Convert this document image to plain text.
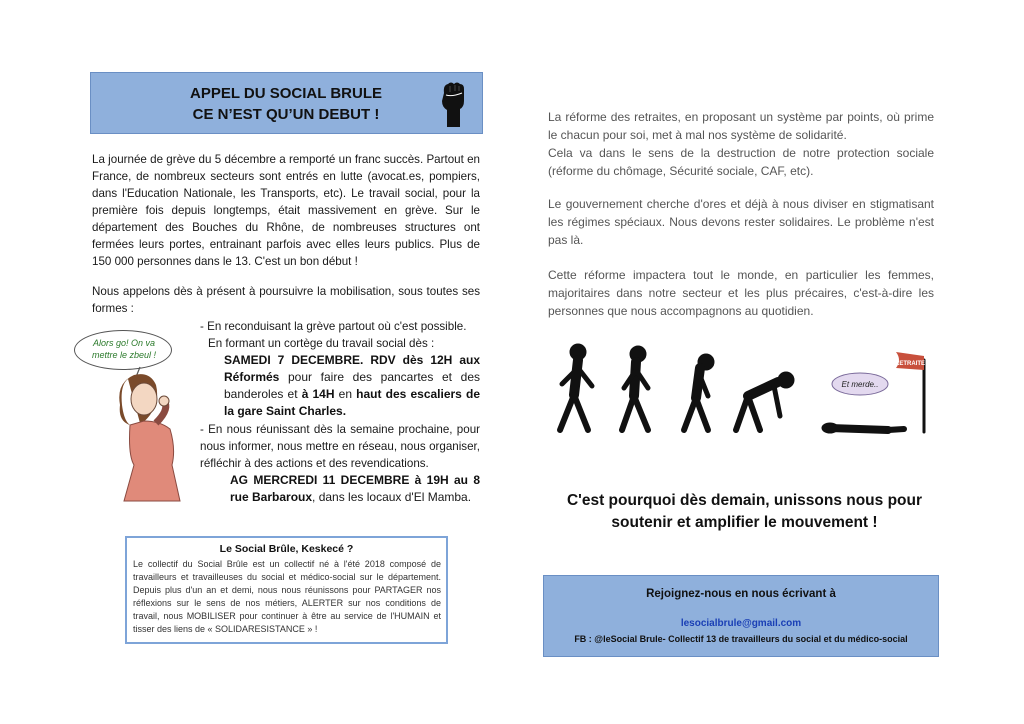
APPEL DU SOCIAL BRULE
CE N’EST QU’UN DEBUT !
La journée de grève du 5 décembre a remporté un franc succès. Partout en France, de nombreux secteurs sont entrés en lutte (avocat.es, pompiers, dans l'Education Nationale, les Transports, etc). Le travail social, pour la première fois depuis longtemps, était massivement en grève. Sur le département des Bouches du Rhône, de nombreuses structures ont fermées leurs portes, entrainant parfois avec elles leurs publics. Plus de 150 000 personnes dans le 13. C'est un bon début !
Nous appelons dès à présent à poursuivre la mobilisation, sous toutes ses formes :
Alors go! On va mettre le zbeul !
- En reconduisant la grève partout où c'est possible.
En formant un cortège du travail social dès :
SAMEDI 7 DECEMBRE. RDV dès 12H aux Réformés pour faire des pancartes et des banderoles et à 14H en haut des escaliers de la gare Saint Charles.
- En nous réunissant dès la semaine prochaine, pour nous informer, nous mettre en réseau, nous organiser, réfléchir à des actions et des revendications.
AG MERCREDI 11 DECEMBRE à 19H au 8 rue Barbaroux, dans les locaux d'El Mamba.
Le Social Brûle, Keskecé ?
Le collectif du Social Brûle est un collectif né à l'été 2018 composé de travailleurs et travailleuses du social et médico-social sur le département. Depuis plus d'un an et demi, nous nous réunissons pour PARTAGER nos réflexions sur le sens de nos métiers, ALERTER sur nos conditions de travail, nous MOBILISER pour continuer à être au service de l'HUMAIN et tisser des liens de « SOLIDARESISTANCE » !
La réforme des retraites, en proposant un système par points, où prime le chacun pour soi, met à mal nos système de solidarité.
Cela va dans le sens de la destruction de notre protection sociale (réforme du chômage, Sécurité sociale, CAF, etc).
Le gouvernement cherche d'ores et déjà à nous diviser en stigmatisant les régimes spéciaux. Nous devons rester solidaires. Le problème n'est pas là.
Cette réforme impactera tout le monde, en particulier les femmes, majoritaires dans notre secteur et les plus précaires, c'est-à-dire les personnes que nous accompagnons au quotidien.
Et merde..
RETRAITE
C'est pourquoi dès demain, unissons nous pour
soutenir et amplifier le mouvement !
Rejoignez-nous en nous écrivant à
lesocialbrule@gmail.com
FB : @leSocial Brule- Collectif 13 de travailleurs du social et du médico-social
